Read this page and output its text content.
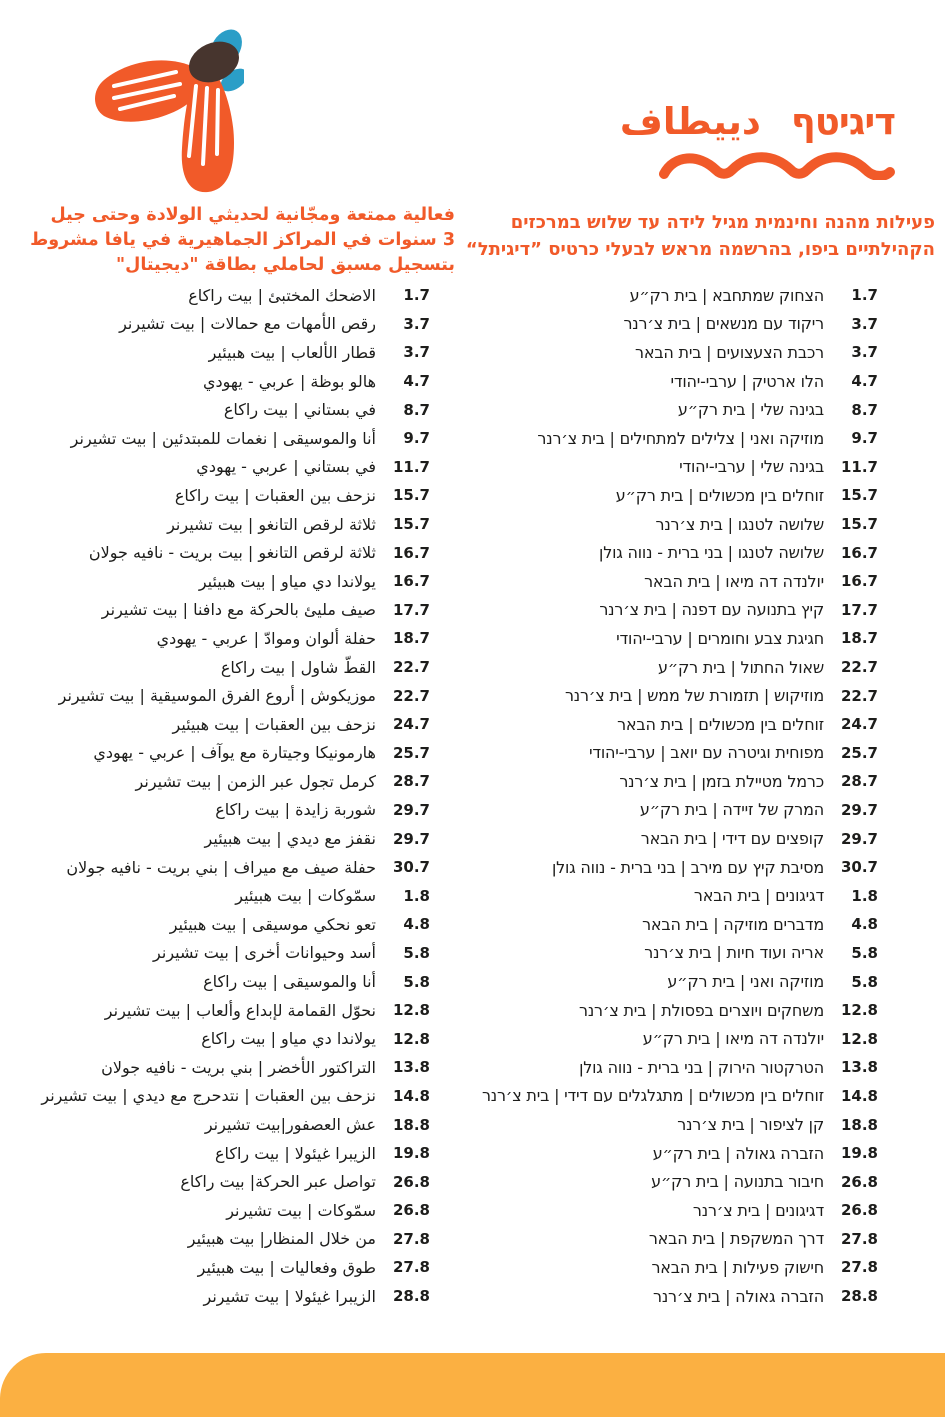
דיגיטף
دييطاف
פעילות מהנה וחינמית מגיל לידה עד שלוש במרכזים
הקהילתיים ביפו, בהרשמה מראש לבעלי כרטיס ”דיגיתל“
فعالية ممتعة ومجّانية لحديثي الولادة وحتى جيل
3 سنوات في المراكز الجماهيرية في يافا مشروط
بتسجيل مسبق لحاملي بطاقة "ديجيتال"
1.7
הצחוק שמתחבא | בית רק״ע
3.7
ריקוד עם מנשאים | בית צ׳רנר
3.7
רכבת הצעצועים | בית הבאר
4.7
הלו ארטיק | ערבי-יהודי
8.7
בגינה שלי | בית רק״ע
9.7
מוזיקה ואני | צלילים למתחילים | בית צ׳רנר
11.7
בגינה שלי | ערבי-יהודי
15.7
זוחלים בין מכשולים | בית רק״ע
15.7
שלושה לטנגו | בית צ׳רנר
16.7
שלושה לטנגו | בני ברית - נווה גולן
16.7
יולנדה דה מיאו | בית הבאר
17.7
קיץ בתנועה עם דפנה | בית צ׳רנר
18.7
חגיגת צבע וחומרים | ערבי-יהודי
22.7
שאול החתול | בית רק״ע
22.7
מוזיקוש | תזמורת של ממש | בית צ׳רנר
24.7
זוחלים בין מכשולים | בית הבאר
25.7
מפוחית וגיטרה עם יואב | ערבי-יהודי
28.7
כרמל מטיילת בזמן | בית צ׳רנר
29.7
המרק של זיידה | בית רק״ע
29.7
קופצים עם דידי | בית הבאר
30.7
מסיבת קיץ עם מירב | בני ברית - נווה גולן
1.8
דגיגונים | בית הבאר
4.8
מדברים מוזיקה | בית הבאר
5.8
אריה ועוד חיות | בית צ׳רנר
5.8
מוזיקה ואני | בית רק״ע
12.8
משחקים ויוצרים בפסולת | בית צ׳רנר
12.8
יולנדה דה מיאו | בית רק״ע
13.8
הטרקטור הירוק | בני ברית - נווה גולן
14.8
זוחלים בין מכשולים | מתגלגלים עם דידי | בית צ׳רנר
18.8
קן לציפור | בית צ׳רנר
19.8
הזברה גאולה | בית רק״ע
26.8
חיבור בתנועה | בית רק״ע
26.8
דגיגונים | בית צ׳רנר
27.8
דרך המשקפת | בית הבאר
27.8
חישוק פעילות | בית הבאר
28.8
הזברה גאולה | בית צ׳רנר
1.7
الاضحك المختبئ | بيت راكاع
3.7
رقص الأمهات مع حمالات | بيت تشيرنر
3.7
قطار الألعاب | بيت هبيئير
4.7
هالو بوظة | عربي - يهودي
8.7
في بستاني | بيت راكاع
9.7
أنا والموسيقى | نغمات للمبتدئين | بيت تشيرنر
11.7
في بستاني | عربي - يهودي
15.7
نزحف بين العقبات | بيت راكاع
15.7
ثلاثة لرقص التانغو | بيت تشيرنر
16.7
ثلاثة لرقص التانغو | بيت بريت - نافيه جولان
16.7
يولاندا دي مياو | بيت هبيئير
17.7
صيف مليئ بالحركة مع دافنا | بيت تشيرنر
18.7
حفلة ألوان وموادّ | عربي - يهودي
22.7
القطّ شاول | بيت راكاع
22.7
موزيكوش | أروع الفرق الموسيقية | بيت تشيرنر
24.7
نزحف بين العقبات | بيت هبيئير
25.7
هارمونيكا وجيتارة مع يوآف | عربي - يهودي
28.7
كرمل تجول عبر الزمن | بيت تشيرنر
29.7
شوربة زايدة | بيت راكاع
29.7
نقفز مع ديدي | بيت هبيئير
30.7
حفلة صيف مع ميراف | بني بريت - نافيه جولان
1.8
سمّوكات | بيت هبيئير
4.8
تعو نحكي موسيقى | بيت هبيئير
5.8
أسد وحيوانات أخرى | بيت تشيرنر
5.8
أنا والموسيقى | بيت راكاع
12.8
نحوّل القمامة لإبداع وألعاب | بيت تشيرنر
12.8
يولاندا دي مياو | بيت راكاع
13.8
التراكتور الأخضر | بني بريت - نافيه جولان
14.8
نزحف بين العقبات | نتدحرج مع ديدي | بيت تشيرنر
18.8
عش العصفور|بيت تشيرنر
19.8
الزيبرا غيئولا | بيت راكاع
26.8
تواصل عبر الحركة| بيت راكاع
26.8
سمّوكات | بيت تشيرنر
27.8
من خلال المنظار| بيت هبيئير
27.8
طوق وفعاليات | بيت هبيئير
28.8
الزيبرا غيئولا | بيت تشيرنر
